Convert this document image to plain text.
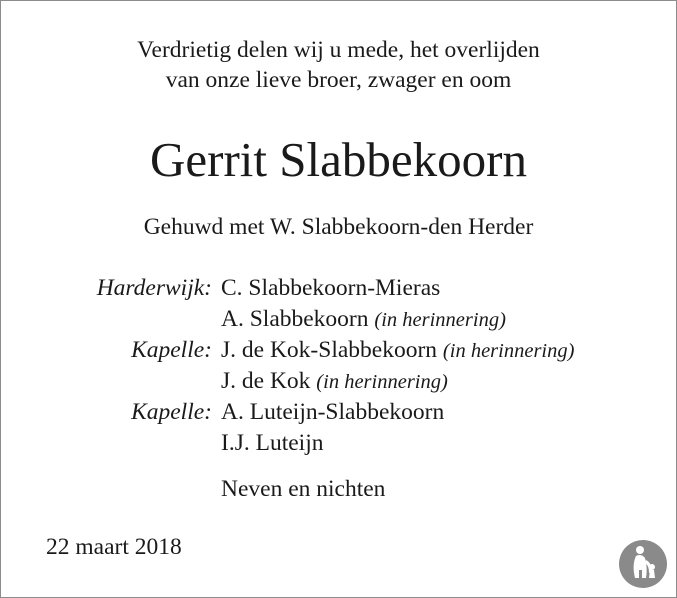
Verdrietig delen wij u mede, het overlijden
van onze lieve broer, zwager en oom
Gerrit Slabbekoorn
Gehuwd met W. Slabbekoorn-den Herder
Harderwijk: C. Slabbekoorn-Mieras
A. Slabbekoorn (in herinnering)
Kapelle: J. de Kok-Slabbekoorn (in herinnering)
J. de Kok (in herinnering)
Kapelle: A. Luteijn-Slabbekoorn
I.J. Luteijn
Neven en nichten
22 maart 2018
